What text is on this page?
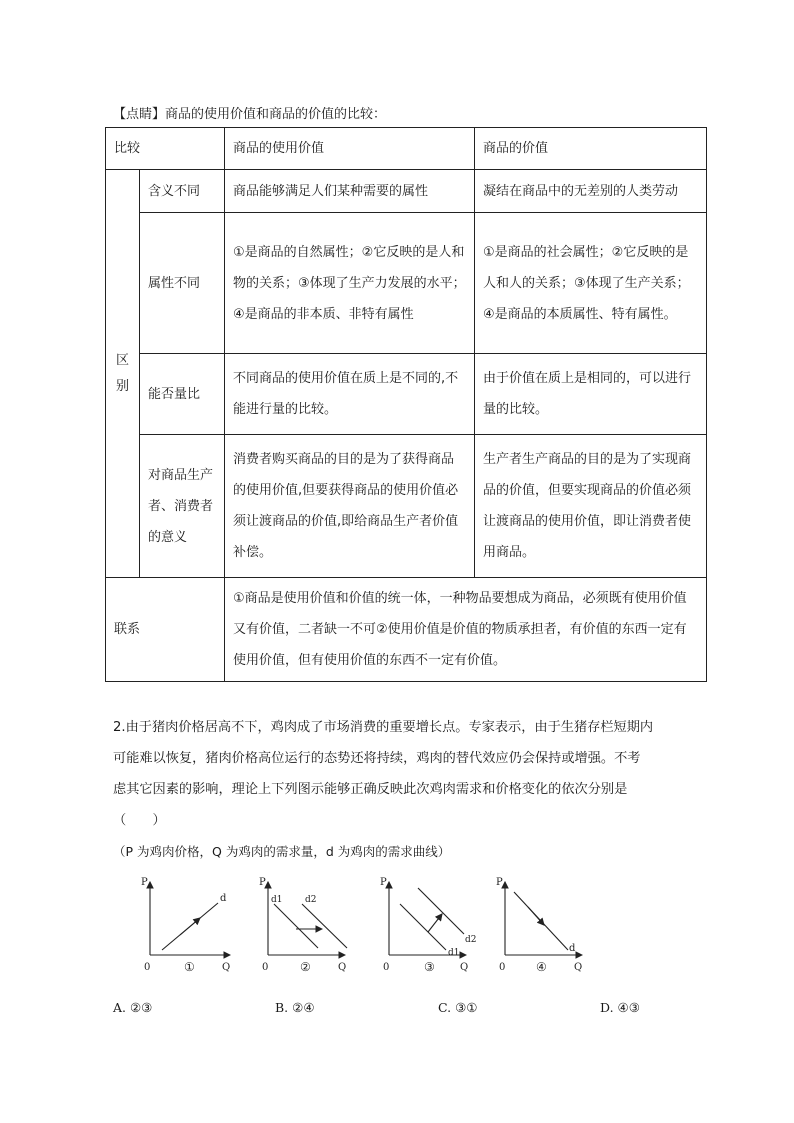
【点睛】商品的使用价值和商品的价值的比较：
比较		商品的使用价值	商品的价值
区别	含义不同	商品能够满足人们某种需要的属性	凝结在商品中的无差别的人类劳动
	属性不同	①是商品的自然属性；②它反映的是人和物的关系；③体现了生产力发展的水平；④是商品的非本质、非特有属性	①是商品的社会属性；②它反映的是人和人的关系；③体现了生产关系；④是商品的本质属性、特有属性。
	能否量比	不同商品的使用价值在质上是不同的,不能进行量的比较。	由于价值在质上是相同的，可以进行量的比较。
	对商品生产者、消费者的意义	消费者购买商品的目的是为了获得商品的使用价值,但要获得商品的使用价值必须让渡商品的价值,即给商品生产者价值补偿。	生产者生产商品的目的是为了实现商品的价值，但要实现商品的价值必须让渡商品的使用价值，即让消费者使用商品。
联系		①商品是使用价值和价值的统一体，一种物品要想成为商品，必须既有使用价值又有价值，二者缺一不可②使用价值是价值的物质承担者，有价值的东西一定有使用价值，但有使用价值的东西不一定有价值。	
2.由于猪肉价格居高不下，鸡肉成了市场消费的重要增长点。专家表示，由于生猪存栏短期内
可能难以恢复，猪肉价格高位运行的态势还将持续，鸡肉的替代效应仍会保持或增强。不考
虑其它因素的影响，理论上下列图示能够正确反映此次鸡肉需求和价格变化的依次分别是
（　　）
（P 为鸡肉价格，Q 为鸡肉的需求量，d 为鸡肉的需求曲线）
P
0	Q
d
①
P
0	Q
d1	d2
②
P
0	Q
d1
d2
③
P
0	Q
d
④
A. ②③	B. ②④	C. ③①	D. ④③
